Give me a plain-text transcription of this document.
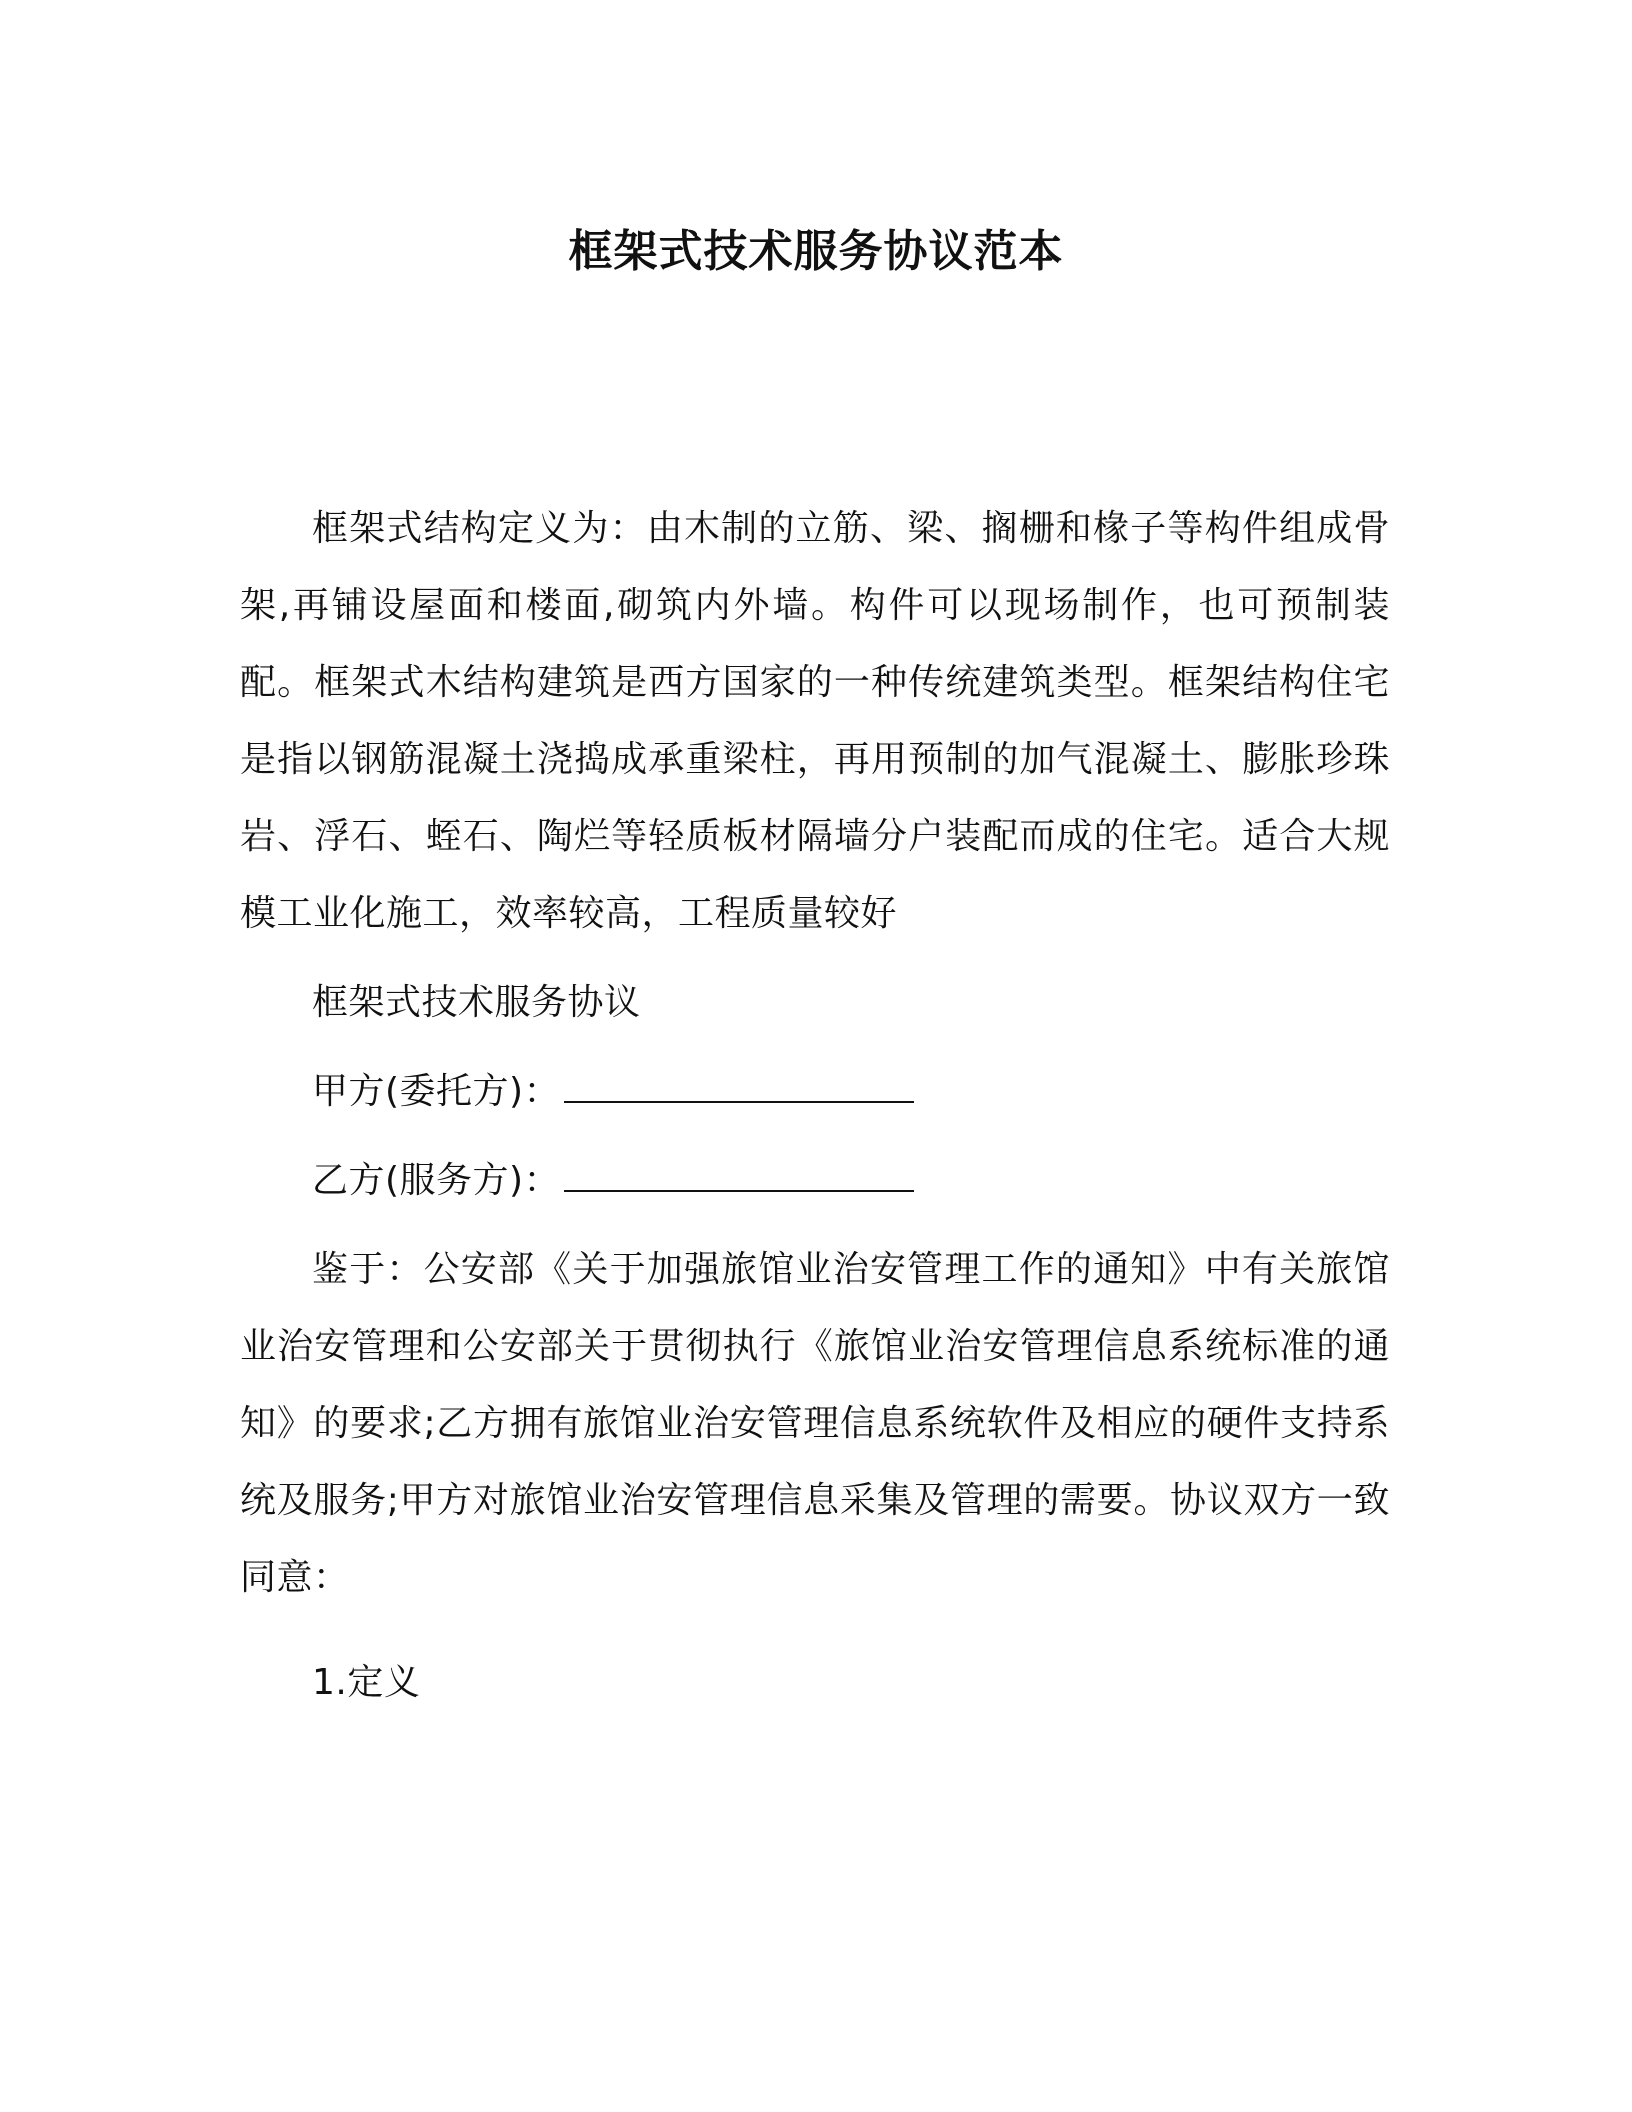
框架式技术服务协议范本

框架式结构定义为：由木制的立筋、梁、搁栅和椽子等构件组成骨架,再铺设屋面和楼面,砌筑内外墙。构件可以现场制作，也可预制装配。框架式木结构建筑是西方国家的一种传统建筑类型。框架结构住宅是指以钢筋混凝土浇捣成承重梁柱，再用预制的加气混凝土、膨胀珍珠岩、浮石、蛭石、陶烂等轻质板材隔墙分户装配而成的住宅。适合大规模工业化施工，效率较高，工程质量较好

框架式技术服务协议

甲方(委托方)：

乙方(服务方)：

鉴于：公安部《关于加强旅馆业治安管理工作的通知》中有关旅馆业治安管理和公安部关于贯彻执行《旅馆业治安管理信息系统标准的通知》的要求;乙方拥有旅馆业治安管理信息系统软件及相应的硬件支持系统及服务;甲方对旅馆业治安管理信息采集及管理的需要。协议双方一致同意：

1.定义
